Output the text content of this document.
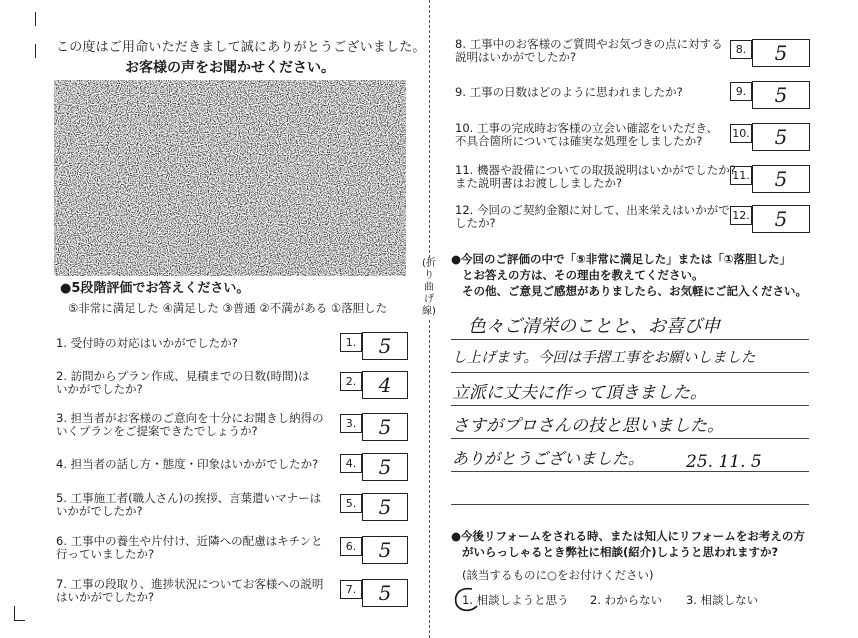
(折り曲げ線)
この度はご用命いただきまして誠にありがとうございました。
お客様の声をお聞かせください。
●5段階評価でお答えください。
⑤非常に満足した ④満足した ③普通 ②不満がある ①落胆した
1. 受付時の対応はいかがでしたか?	1.	5
2. 訪問からプラン作成、見積までの日数(時間)は
いかがでしたか?
2.	4
3. 担当者がお客様のご意向を十分にお聞きし納得の
いくプランをご提案できたでしょうか?
3.	5
4. 担当者の話し方・態度・印象はいかがでしたか?	4.	5
5. 工事施工者(職人さん)の挨拶、言葉遣いマナーは
いかがでしたか?
5.	5
6. 工事中の養生や片付け、近隣への配慮はキチンと
行っていましたか?
6.	5
7. 工事の段取り、進捗状況についてお客様への説明
はいかがでしたか?
7.	5
8. 工事中のお客様のご質問やお気づきの点に対する
説明はいかがでしたか?
8.	5
9. 工事の日数はどのように思われましたか?	9.	5
10. 工事の完成時お客様の立会い確認をいただき、
不具合箇所については確実な処理をしましたか?
10.	5
11. 機器や設備についての取扱説明はいかがでしたか?
また説明書はお渡ししましたか?
11.	5
12. 今回のご契約金額に対して、出来栄えはいかがで
したか?
12.	5
●今回のご評価の中で「⑤非常に満足した」または「①落胆した」
とお答えの方は、その理由を教えてください。
その他、ご意見ご感想がありましたら、お気軽にご記入ください。
色々ご清栄のことと、お喜び申
し上げます。今回は手摺工事をお願いしました
立派に丈夫に作って頂きました。
さすがプロさんの技と思いました。
ありがとうございました。 25. 11. 5
●今後リフォームをされる時、または知人にリフォームをお考えの方
がいらっしゃるとき弊社に相談(紹介)しようと思われますか?
(該当するものに○をお付けください)
1. 相談しようと思う 2. わからない 3. 相談しない
